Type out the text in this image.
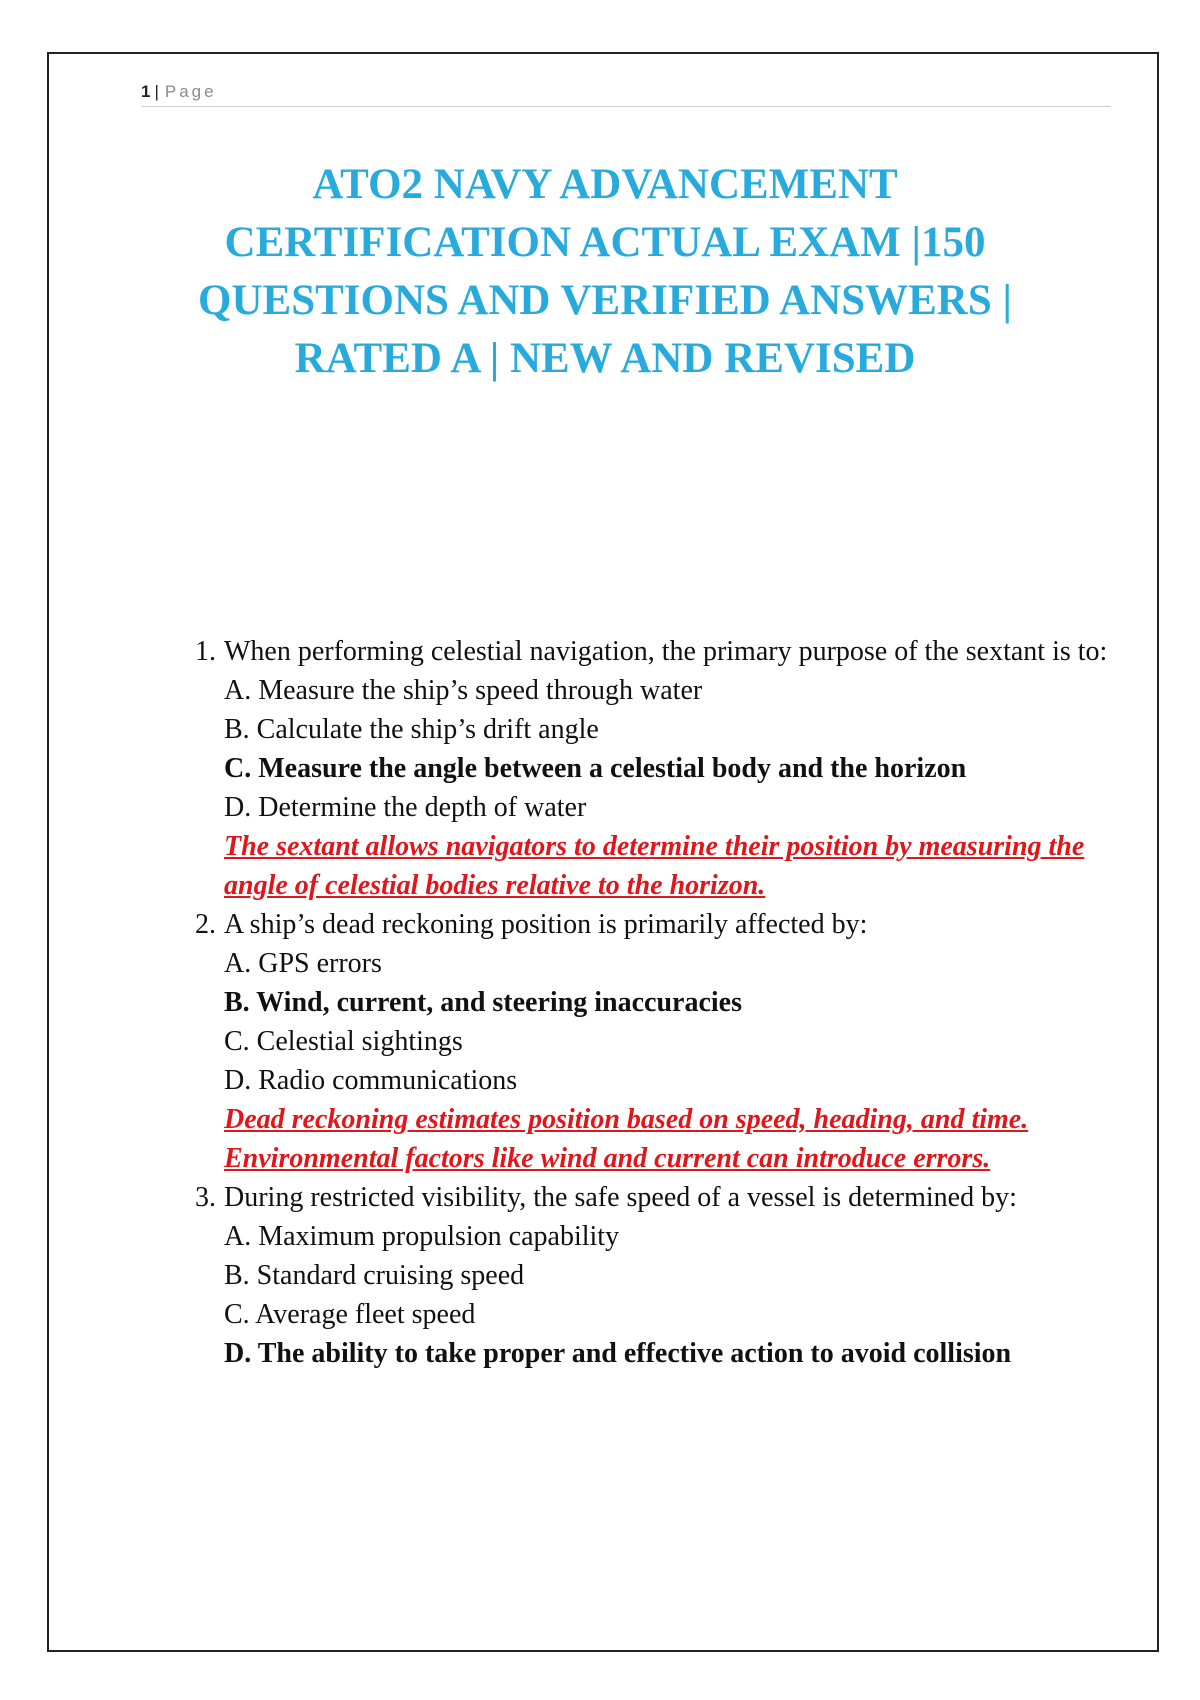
1 | Page
ATO2 NAVY ADVANCEMENT
CERTIFICATION ACTUAL EXAM |150
QUESTIONS AND VERIFIED ANSWERS |
RATED A | NEW AND REVISED
1. When performing celestial navigation, the primary purpose of the sextant is to:
A. Measure the ship’s speed through water
B. Calculate the ship’s drift angle
C. Measure the angle between a celestial body and the horizon
D. Determine the depth of water
The sextant allows navigators to determine their position by measuring the angle of celestial bodies relative to the horizon.
2. A ship’s dead reckoning position is primarily affected by:
A. GPS errors
B. Wind, current, and steering inaccuracies
C. Celestial sightings
D. Radio communications
Dead reckoning estimates position based on speed, heading, and time. Environmental factors like wind and current can introduce errors.
3. During restricted visibility, the safe speed of a vessel is determined by:
A. Maximum propulsion capability
B. Standard cruising speed
C. Average fleet speed
D. The ability to take proper and effective action to avoid collision
